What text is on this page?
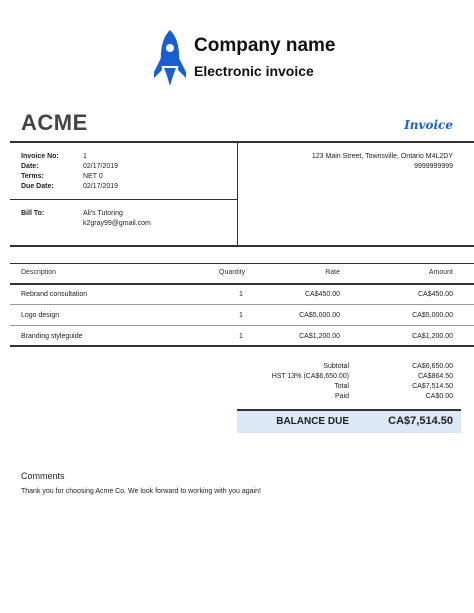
Company name
Electronic invoice
ACME	Invoice
Invoice No:	1
Date:	02/17/2019
Terms:	NET 0
Due Date:	02/17/2019
Bill To:	Ali's Tutoring
k2gray99@gmail.com
123 Main Street, Townsville, Ontario M4L2DY
9999999999
Description	Quantity	Rate	Amount
Rebrand consultation	1	CA$450.00	CA$450.00
Logo design	1	CA$5,000.00	CA$5,000.00
Branding styleguide	1	CA$1,200.00	CA$1,200.00
Subtotal	CA$6,650.00
HST 13% (CA$6,650.00)	CA$864.50
Total	CA$7,514.50
Paid	CA$0.00
BALANCE DUE	CA$7,514.50
Comments
Thank you for choosing Acme Co. We look forward to working with you again!
